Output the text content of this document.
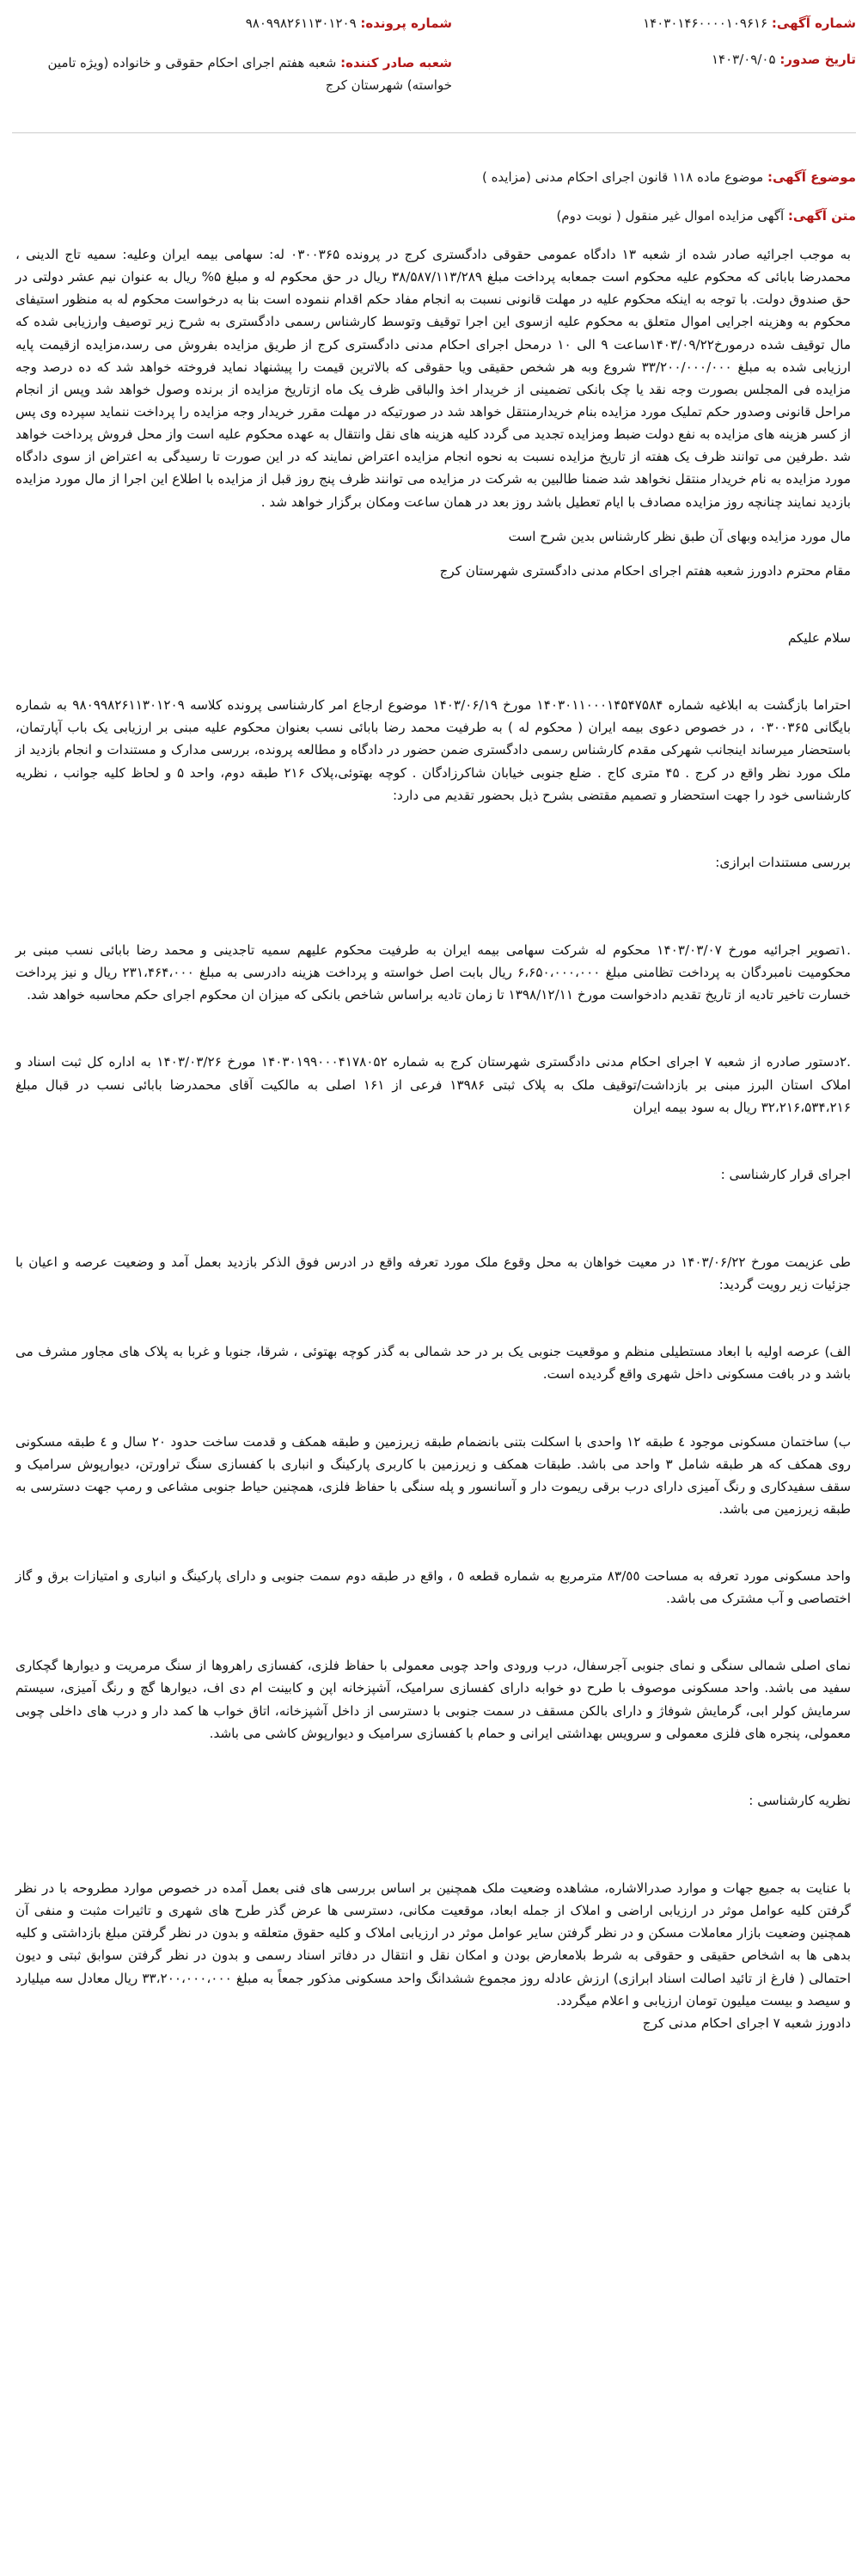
شماره آگهی: ۱۴۰۳۰۱۴۶۰۰۰۰۱۰۹۶۱۶
شماره پرونده: ۹۸۰۹۹۸۲۶۱۱۳۰۱۲۰۹
تاریخ صدور: ۱۴۰۳/۰۹/۰۵
شعبه صادر کننده: شعبه هفتم اجرای احکام حقوقی و خانواده (ویژه تامین خواسته) شهرستان کرج
موضوع آگهی: موضوع ماده ۱۱۸ قانون اجرای احکام مدنی (مزایده )
متن آگهی: آگهی مزایده اموال غیر منقول ( نوبت دوم)

به موجب اجرائیه صادر شده از شعبه ۱۳ دادگاه عمومی حقوقی دادگستری کرج در پرونده ۰۳۰۰۳۶۵ له: سهامی بیمه ایران وعلیه: سمیه تاج الدینی ، محمدرضا بابائی که محکوم علیه محکوم است جمعابه پرداخت مبلغ ۳۸/۵۸۷/۱۱۳/۲۸۹ ریال در حق محکوم له و مبلغ ۵% ریال به عنوان نیم عشر دولتی در حق صندوق دولت. با توجه به اینکه محکوم علیه در مهلت قانونی نسبت به انجام مفاد حکم اقدام ننموده است بنا به درخواست محکوم له به منظور استیفای محکوم به وهزینه اجرایی اموال متعلق به محکوم علیه ازسوی این اجرا توقیف وتوسط کارشناس رسمی دادگستری به شرح زیر توصیف وارزیابی شده که مال توقیف شده درمورخ۱۴۰۳/۰۹/۲۲ساعت ۹ الی ۱۰ درمحل اجرای احکام مدنی دادگستری کرج از طریق مزایده بفروش می رسد،مزایده ازقیمت پایه ارزیابی شده به مبلغ ۳۳/۲۰۰/۰۰۰/۰۰۰ شروع وبه هر شخص حقیقی ویا حقوقی که بالاترین قیمت را پیشنهاد نماید فروخته خواهد شد که ده درصد وجه مزایده فی المجلس بصورت وجه نقد یا چک بانکی تضمینی از خریدار اخذ والباقی ظرف یک ماه ازتاریخ مزایده از برنده وصول خواهد شد وپس از انجام مراحل قانونی وصدور حکم تملیک مورد مزایده بنام خریدارمنتقل خواهد شد در صورتیکه در مهلت مقرر خریدار وجه مزایده را پرداخت ننماید سپرده وی پس از کسر هزینه های مزایده به نفع دولت ضبط ومزایده تجدید می گردد کلیه هزینه های نقل وانتقال به عهده محکوم علیه است واز محل فروش پرداخت خواهد شد .طرفین می توانند ظرف یک هفته از تاریخ مزایده نسبت به نحوه انجام مزایده اعتراض نمایند که در این صورت تا رسیدگی به اعتراض از سوی دادگاه مورد مزایده به نام خریدار منتقل نخواهد شد ضمنا طالبین به شرکت در مزایده می توانند ظرف پنج روز قبل از مزایده با اطلاع این اجرا از مال مورد مزایده بازدید نمایند چنانچه روز مزایده مصادف با ایام تعطیل باشد روز بعد در همان ساعت ومکان برگزار خواهد شد .

مال مورد مزایده وبهای آن طبق نظر کارشناس بدین شرح است

مقام محترم دادورز شعبه هفتم اجرای احکام مدنی دادگستری شهرستان کرج

سلام علیکم

احتراما بازگشت به ابلاغیه شماره ۱۴۰۳۰۱۱۰۰۰۱۴۵۴۷۵۸۴ مورخ ۱۴۰۳/۰۶/۱۹ موضوع ارجاع امر کارشناسی پرونده کلاسه ۹۸۰۹۹۸۲۶۱۱۳۰۱۲۰۹ به شماره بایگانی ۰۳۰۰۳۶۵ ، در خصوص دعوی بیمه ایران ( محکوم له ) به طرفیت محمد رضا بابائی نسب بعنوان محکوم علیه مبنی بر ارزیابی یک باب آپارتمان، باستحضار میرساند اینجانب شهرکی مقدم کارشناس رسمی دادگستری ضمن حضور در دادگاه و مطالعه پرونده، بررسی مدارک و مستندات و انجام بازدید از ملک مورد نظر واقع در کرج . ۴۵ متری کاج . ضلع جنوبی خیابان شاکرزادگان . کوچه بهتوئی،پلاک ۲۱۶ طبقه دوم، واحد ۵ و لحاظ کلیه جوانب ، نظریه کارشناسی خود را جهت استحضار و تصمیم مقتضی بشرح ذیل بحضور تقدیم می دارد:

بررسی مستندات ابرازی:

.۱تصویر اجرائیه مورخ ۱۴۰۳/۰۳/۰۷ محکوم له شرکت سهامی بیمه ایران به طرفیت محکوم علیهم سمیه تاجدینی و محمد رضا بابائی نسب مبنی بر محکومیت نامبردگان به پرداخت تظامنی مبلغ ۶،۶۵۰،۰۰۰،۰۰۰ ریال بابت اصل خواسته و پرداخت هزینه دادرسی به مبلغ ۲۳۱،۴۶۴،۰۰۰ ریال و نیز پرداخت خسارت تاخیر تادیه از تاریخ تقدیم دادخواست مورخ ۱۳۹۸/۱۲/۱۱ تا زمان تادیه براساس شاخص بانکی که میزان ان محکوم اجرای حکم محاسبه خواهد شد.

.۲دستور صادره از شعبه ۷ اجرای احکام مدنی دادگستری شهرستان کرج به شماره ۱۴۰۳۰۱۹۹۰۰۰۴۱۷۸۰۵۲ مورخ ۱۴۰۳/۰۳/۲۶ به اداره کل ثبت اسناد و املاک استان البرز مبنی بر بازداشت/توقیف ملک به پلاک ثبتی ۱۳۹۸۶ فرعی از ۱۶۱ اصلی به مالکیت آقای محمدرضا بابائی نسب در قبال مبلغ ۳۲،۲۱۶،۵۳۴،۲۱۶ ریال به سود بیمه ایران

اجرای قرار کارشناسی :

طی عزیمت مورخ ۱۴۰۳/۰۶/۲۲ در معیت خواهان به محل وقوع ملک مورد تعرفه واقع در ادرس فوق الذکر بازدید بعمل آمد و وضعیت عرصه و اعیان با جزئیات زیر رویت گردید:

الف) عرصه اولیه با ابعاد مستطیلی منظم و موقعیت جنوبی یک بر در حد شمالی به گذر کوچه بهتوئی ، شرقا، جنوبا و غربا به پلاک های مجاور مشرف می باشد و در بافت مسکونی داخل شهری واقع گردیده است.

ب) ساختمان مسکونی موجود ٤ طبقه ١٢ واحدی با اسکلت بتنی بانضمام طبقه زیرزمین و طبقه همکف و قدمت ساخت حدود ٢٠ سال و ٤ طبقه مسکونی روی همکف که هر طبقه شامل ٣ واحد می باشد. طبقات همکف و زیرزمین با کاربری پارکینگ و انباری با کفسازی سنگ تراورتن، دیوارپوش سرامیک و سقف سفیدکاری و رنگ آمیزی دارای درب برقی ریموت دار و آسانسور و پله سنگی با حفاظ فلزی، همچنین حیاط جنوبی مشاعی و رمپ جهت دسترسی به طبقه زیرزمین می باشد.

واحد مسکونی مورد تعرفه به مساحت ٨٣/٥٥ مترمربع به شماره قطعه ٥ ، واقع در طبقه دوم سمت جنوبی و دارای پارکینگ و انباری و امتیازات برق و گاز اختصاصی و آب مشترک می باشد.

نمای اصلی شمالی سنگی و نمای جنوبی آجرسفال، درب ورودی واحد چوبی معمولی با حفاظ فلزی، کفسازی راهروها از سنگ مرمریت و دیوارها گچکاری سفید می باشد. واحد مسکونی موصوف با طرح دو خوابه دارای کفسازی سرامیک، آشپزخانه اپن و کابینت ام دی اف، دیوارها گچ و رنگ آمیزی، سیستم سرمایش کولر ابی، گرمایش شوفاژ و دارای بالکن مسقف در سمت جنوبی با دسترسی از داخل آشپزخانه، اتاق خواب ها کمد دار و درب های داخلی چوبی معمولی، پنجره های فلزی معمولی و سرویس بهداشتی ایرانی و حمام با کفسازی سرامیک و دیوارپوش کاشی می باشد.

نظریه کارشناسی :

با عنایت به جمیع جهات و موارد صدرالاشاره، مشاهده وضعیت ملک همچنین بر اساس بررسی های فنی بعمل آمده در خصوص موارد مطروحه با در نظر گرفتن کلیه عوامل موثر در ارزیابی اراضی و املاک از جمله ابعاد، موقعیت مکانی، دسترسی ها عرض گذر طرح های شهری و تاثیرات مثبت و منفی آن همچنین وضعیت بازار معاملات مسکن و در نظر گرفتن سایر عوامل موثر در ارزیابی املاک و کلیه حقوق متعلقه و بدون در نظر گرفتن مبلغ بازداشتی و کلیه بدهی ها به اشخاص حقیقی و حقوقی به شرط بلامعارض بودن و امکان نقل و انتقال در دفاتر اسناد رسمی و بدون در نظر گرفتن سوابق ثبتی و دیون احتمالی ( فارغ از تائید اصالت اسناد ابرازی) ارزش عادله روز مجموع ششدانگ واحد مسکونی مذکور جمعاً به مبلغ ۳۳،۲۰۰،۰۰۰،۰۰۰ ریال معادل سه میلیارد و سیصد و بیست میلیون تومان ارزیابی و اعلام میگردد.

دادورز شعبه ۷ اجرای احکام مدنی کرج
